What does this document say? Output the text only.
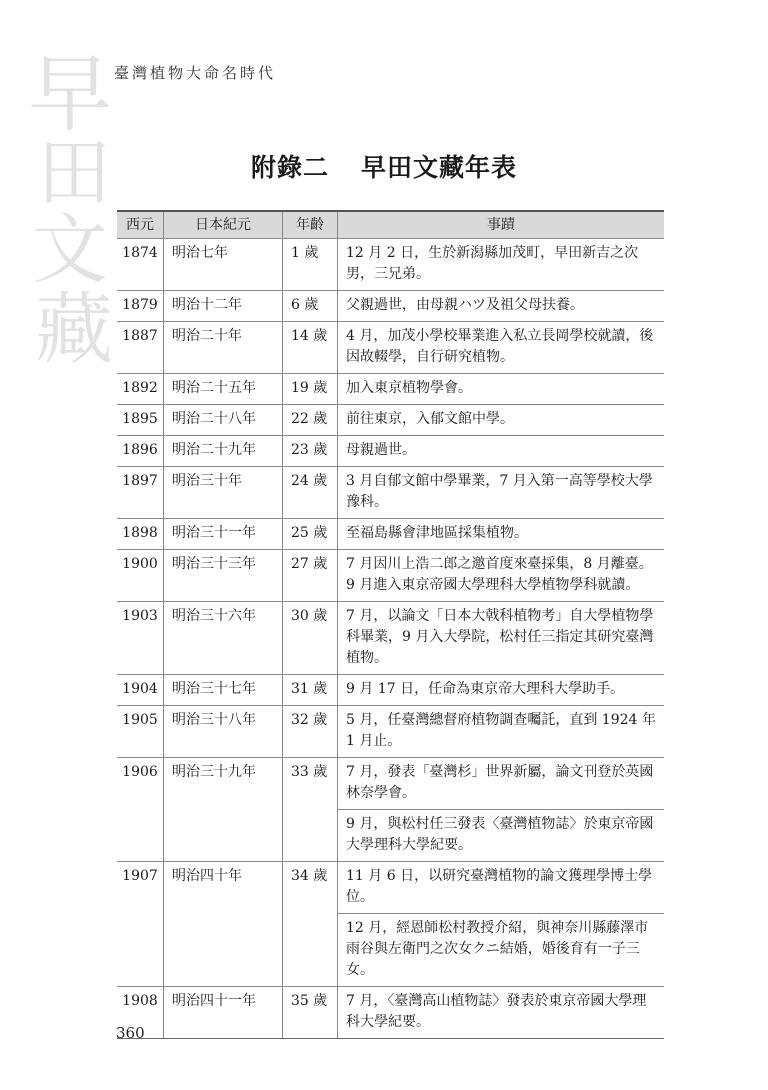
早
田
文
藏
臺灣植物大命名時代
附錄二 早田文藏年表
西元	日本紀元	年齡	事蹟
1874	明治七年	1 歲	12 月 2 日，生於新潟縣加茂町，早田新吉之次男，三兄弟。
1879	明治十二年	6 歲	父親過世，由母親ハツ及祖父母扶養。
1887	明治二十年	14 歲	4 月，加茂小學校畢業進入私立長岡學校就讀，後因故輟學，自行研究植物。
1892	明治二十五年	19 歲	加入東京植物學會。
1895	明治二十八年	22 歲	前往東京，入郁文館中學。
1896	明治二十九年	23 歲	母親過世。
1897	明治三十年	24 歲	3 月自郁文館中學畢業，7 月入第一高等學校大學豫科。
1898	明治三十一年	25 歲	至福島縣會津地區採集植物。
1900	明治三十三年	27 歲	7 月因川上浩二郎之邀首度來臺採集，8 月離臺。9 月進入東京帝國大學理科大學植物學科就讀。
1903	明治三十六年	30 歲	7 月，以論文「日本大戟科植物考」自大學植物學科畢業，9 月入大學院，松村任三指定其研究臺灣植物。
1904	明治三十七年	31 歲	9 月 17 日，任命為東京帝大理科大學助手。
1905	明治三十八年	32 歲	5 月，任臺灣總督府植物調查囑託，直到 1924 年 1 月止。
1906	明治三十九年	33 歲	7 月，發表「臺灣杉」世界新屬，論文刊登於英國林奈學會。
			9 月，與松村任三發表〈臺灣植物誌〉於東京帝國大學理科大學紀要。
1907	明治四十年	34 歲	11 月 6 日，以研究臺灣植物的論文獲理學博士學位。
			12 月，經恩師松村教授介紹，與神奈川縣藤澤市雨谷與左衛門之次女クニ結婚，婚後育有一子三女。
1908	明治四十一年	35 歲	7 月，〈臺灣高山植物誌〉發表於東京帝國大學理科大學紀要。
360
